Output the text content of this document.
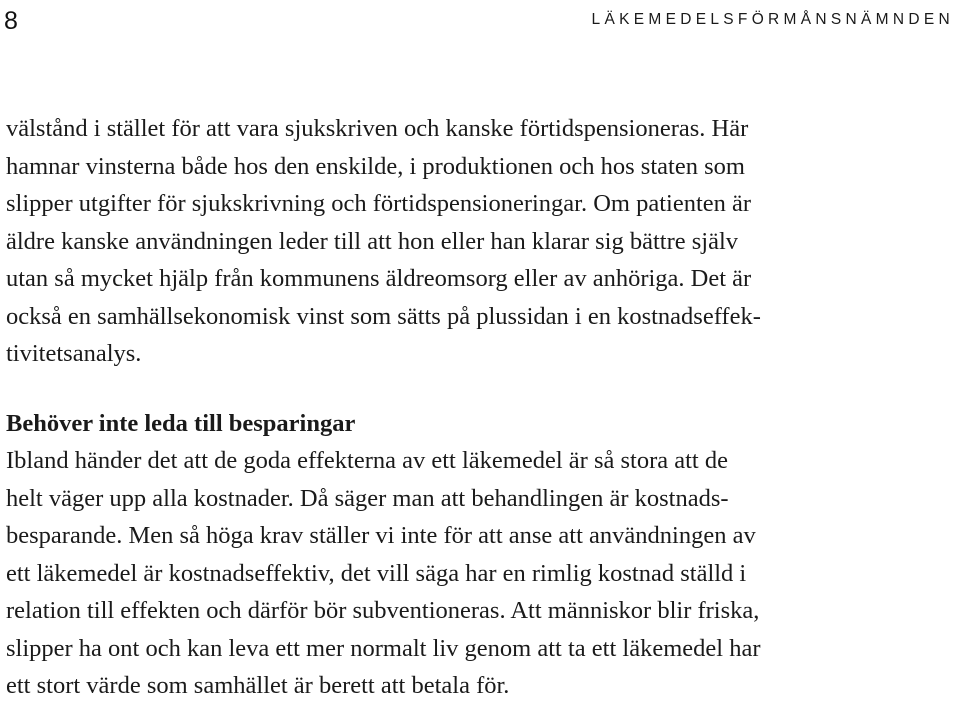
8	LÄKEMEDELSFÖRMÅNSNÄMNDEN
välstånd i stället för att vara sjukskriven och kanske förtidspensioneras. Här
hamnar vinsterna både hos den enskilde, i produktionen och hos staten som
slipper utgifter för sjukskrivning och förtidspensioneringar. Om patienten är
äldre kanske användningen leder till att hon eller han klarar sig bättre själv
utan så mycket hjälp från kommunens äldreomsorg eller av anhöriga. Det är
också en samhällsekonomisk vinst som sätts på plussidan i en kostnadseffek-
tivitetsanalys.
Behöver inte leda till besparingar
Ibland händer det att de goda effekterna av ett läkemedel är så stora att de
helt väger upp alla kostnader. Då säger man att behandlingen är kostnads-
besparande. Men så höga krav ställer vi inte för att anse att användningen av
ett läkemedel är kostnadseffektiv, det vill säga har en rimlig kostnad ställd i
relation till effekten och därför bör subventioneras. Att människor blir friska,
slipper ha ont och kan leva ett mer normalt liv genom att ta ett läkemedel har
ett stort värde som samhället är berett att betala för.
